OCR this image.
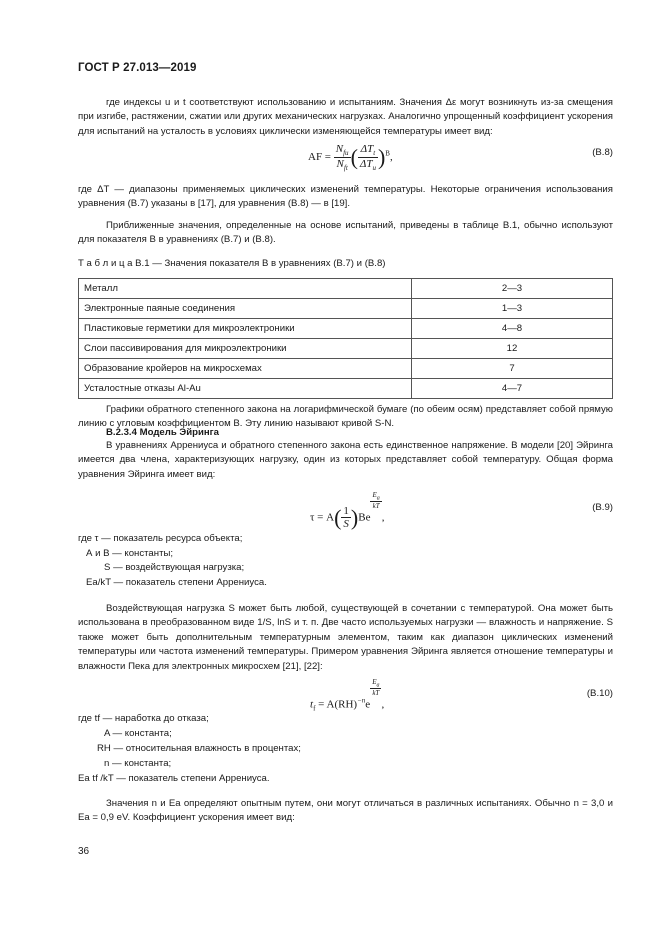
ГОСТ Р 27.013—2019
где индексы u и t соответствуют использованию и испытаниям. Значения Δε могут возникнуть из-за смещения при изгибе, растяжении, сжатии или других механических нагрузках. Аналогично упрощенный коэффициент ускорения для испытаний на усталость в условиях циклически изменяющейся температуры имеет вид:
AF = $\frac{N_{fu}}{N_{ft}}$ ( $\frac{\Delta T_t}{\Delta T_u} )^B$,	(B.8)
где ΔT — диапазоны применяемых циклических изменений температуры. Некоторые ограничения использования уравнения (B.7) указаны в [17], для уравнения (B.8) — в [19].
Приближенные значения, определенные на основе испытаний, приведены в таблице B.1, обычно используют для показателя B в уравнениях (B.7) и (B.8).
Т а б л и ц а B.1 — Значения показателя B в уравнениях (B.7) и (B.8)
Металл	2—3
Электронные паяные соединения	1—3
Пластиковые герметики для микроэлектроники	4—8
Слои пассивирования для микроэлектроники	12
Образование кройеров на микросхемах	7
Усталостные отказы Al-Au	4—7
Графики обратного степенного закона на логарифмической бумаге (по обеим осям) представляет собой прямую линию с угловым коэффициентом B. Эту линию называют кривой S-N.
B.2.3.4 Модель Эйринга
В уравнениях Аррениуса и обратного степенного закона есть единственное напряжение. В модели [20] Эйринга имеется два члена, характеризующих нагрузку, один из которых представляет собой температуру. Общая форма уравнения Эйринга имеет вид:
$\tau = A( \frac{1}{S} )Be$
$\frac{E_a}{kT}$
,
(B.9)
где τ — показатель ресурса объекта;
А и В — константы;
S — воздействующая нагрузка;
Ea/kT — показатель степени Аррениуса.
Воздействующая нагрузка S может быть любой, существующей в сочетании с температурой. Она может быть использована в преобразованном виде 1/S, lnS и т. п. Две часто используемых нагрузки — влажность и напряжение. S также может быть дополнительным температурным элементом, таким как диапазон циклических изменений температуры или частота изменений температуры. Примером уравнения Эйринга является отношение температуры и влажности Пека для электронных микросхем [21], [22]:
$t_f = A(RH)^{-n}e$
$\frac{E_a}{kT}$
,
(B.10)
где tf — наработка до отказа;
A — константа;
RH — относительная влажность в процентах;
n — константа;
Ea tf /kT — показатель степени Аррениуса.
Значения n и Ea определяют опытным путем, они могут отличаться в различных испытаниях. Обычно n = 3,0 и Ea = 0,9 eV. Коэффициент ускорения имеет вид:
36
